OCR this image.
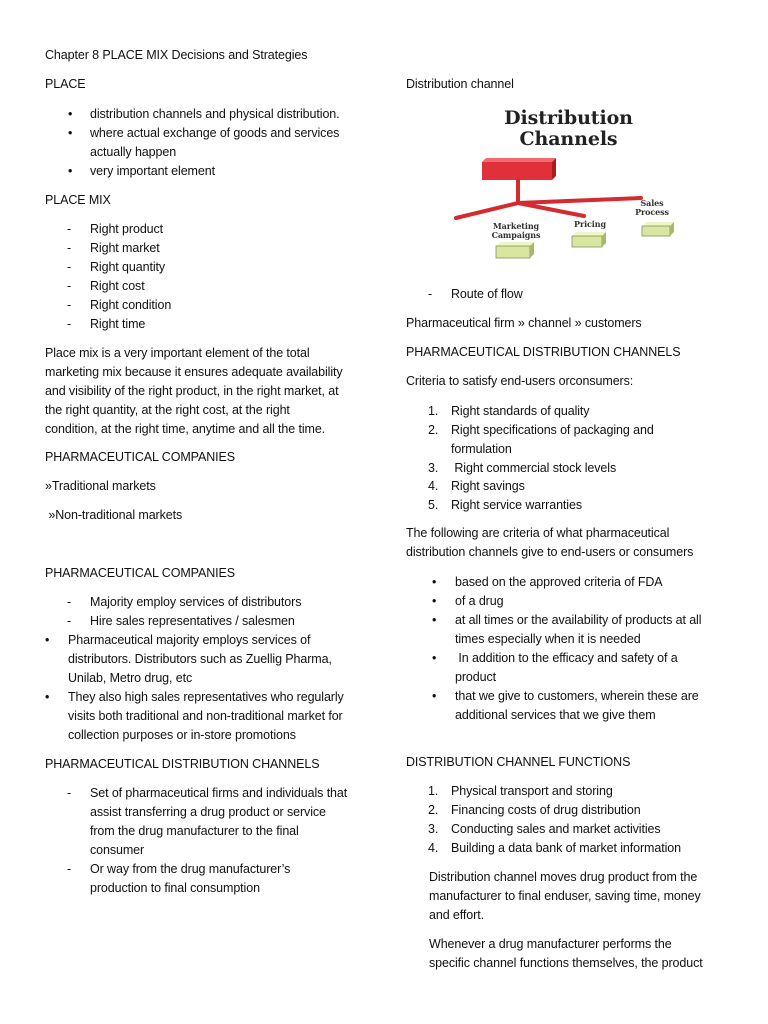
Chapter 8 PLACE MIX Decisions and Strategies
PLACE
• distribution channels and physical distribution.
• where actual exchange of goods and services
actually happen
• very important element
PLACE MIX
- Right product
- Right market
- Right quantity
- Right cost
- Right condition
- Right time
Place mix is a very important element of the total
marketing mix because it ensures adequate availability
and visibility of the right product, in the right market, at
the right quantity, at the right cost, at the right
condition, at the right time, anytime and all the time.
PHARMACEUTICAL COMPANIES
»Traditional markets
»Non-traditional markets
PHARMACEUTICAL COMPANIES
- Majority employ services of distributors
- Hire sales representatives / salesmen
• Pharmaceutical majority employs services of
distributors. Distributors such as Zuellig Pharma,
Unilab, Metro drug, etc
• They also high sales representatives who regularly
visits both traditional and non-traditional market for
collection purposes or in-store promotions
PHARMACEUTICAL DISTRIBUTION CHANNELS
- Set of pharmaceutical firms and individuals that
assist transferring a drug product or service
from the drug manufacturer to the final
consumer
- Or way from the drug manufacturer’s
production to final consumption
Distribution channel
Distribution
Channels
Marketing
Campaigns
Pricing
Sales
Process
- Route of flow
Pharmaceutical firm » channel » customers
PHARMACEUTICAL DISTRIBUTION CHANNELS
Criteria to satisfy end-users orconsumers:
1. Right standards of quality
2. Right specifications of packaging and
formulation
3. Right commercial stock levels
4. Right savings
5. Right service warranties
The following are criteria of what pharmaceutical
distribution channels give to end-users or consumers
• based on the approved criteria of FDA
• of a drug
• at all times or the availability of products at all
times especially when it is needed
• In addition to the efficacy and safety of a
product
• that we give to customers, wherein these are
additional services that we give them
DISTRIBUTION CHANNEL FUNCTIONS
1. Physical transport and storing
2. Financing costs of drug distribution
3. Conducting sales and market activities
4. Building a data bank of market information
Distribution channel moves drug product from the
manufacturer to final enduser, saving time, money
and effort.
Whenever a drug manufacturer performs the
specific channel functions themselves, the product
